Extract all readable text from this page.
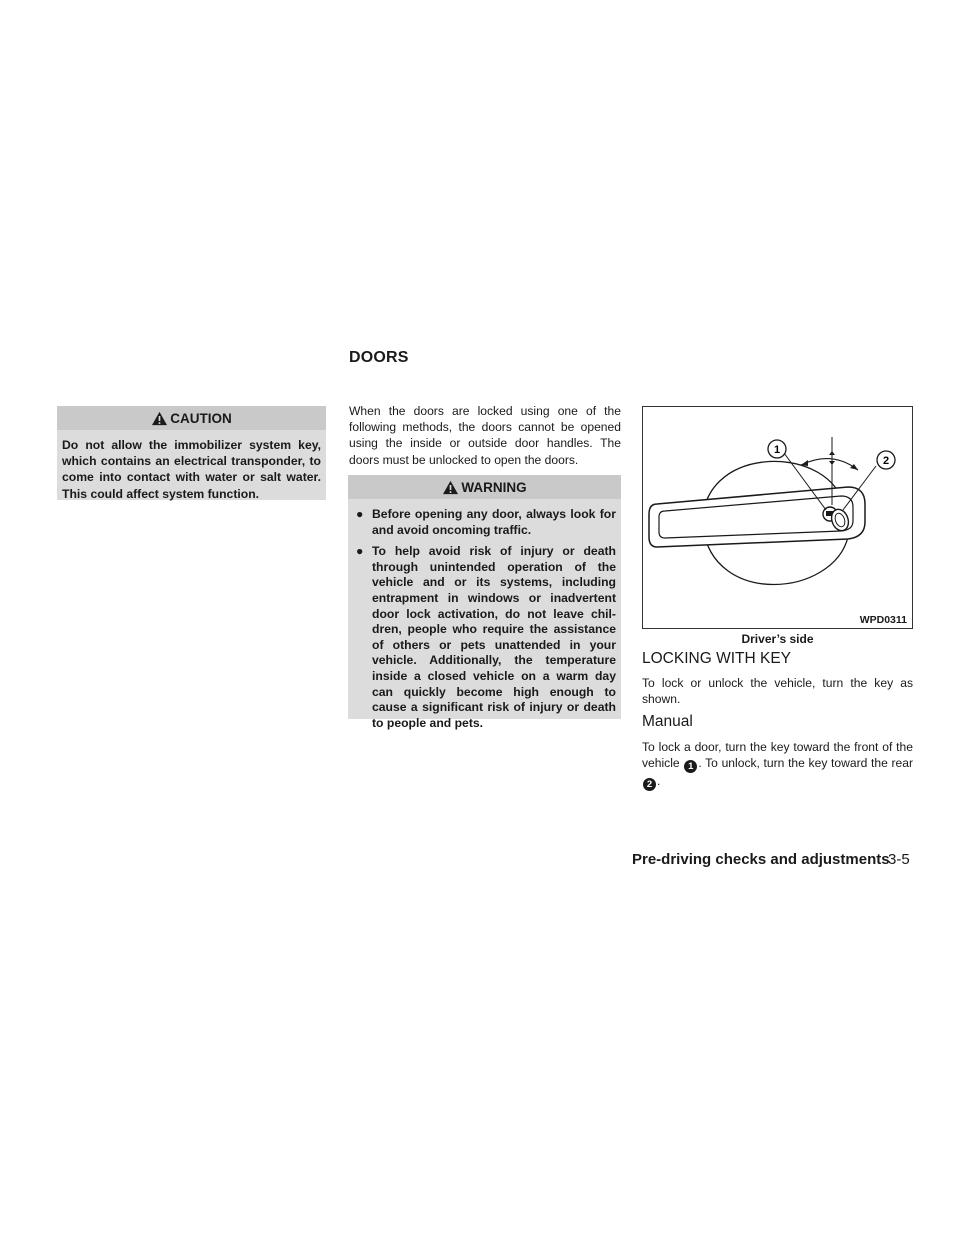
DOORS
CAUTION
Do not allow the immobilizer system key, which contains an electrical transponder, to come into contact with water or salt water. This could affect system function.
When the doors are locked using one of the following methods, the doors cannot be opened using the inside or outside door handles. The doors must be unlocked to open the doors.
WARNING
● Before opening any door, always look for and avoid oncoming traffic.
● To help avoid risk of injury or death through unintended operation of the vehicle and or its systems, including entrapment in windows or inadvertent door lock activation, do not leave chil-dren, people who require the assistance of others or pets unattended in your vehicle. Additionally, the temperature inside a closed vehicle on a warm day can quickly become high enough to cause a significant risk of injury or death to people and pets.
1
2
WPD0311
Driver’s side
LOCKING WITH KEY
To lock or unlock the vehicle, turn the key as shown.
Manual
To lock a door, turn the key toward the front of the vehicle 1 . To unlock, turn the key toward the rear 2 .
Pre-driving checks and adjustments
3-5
